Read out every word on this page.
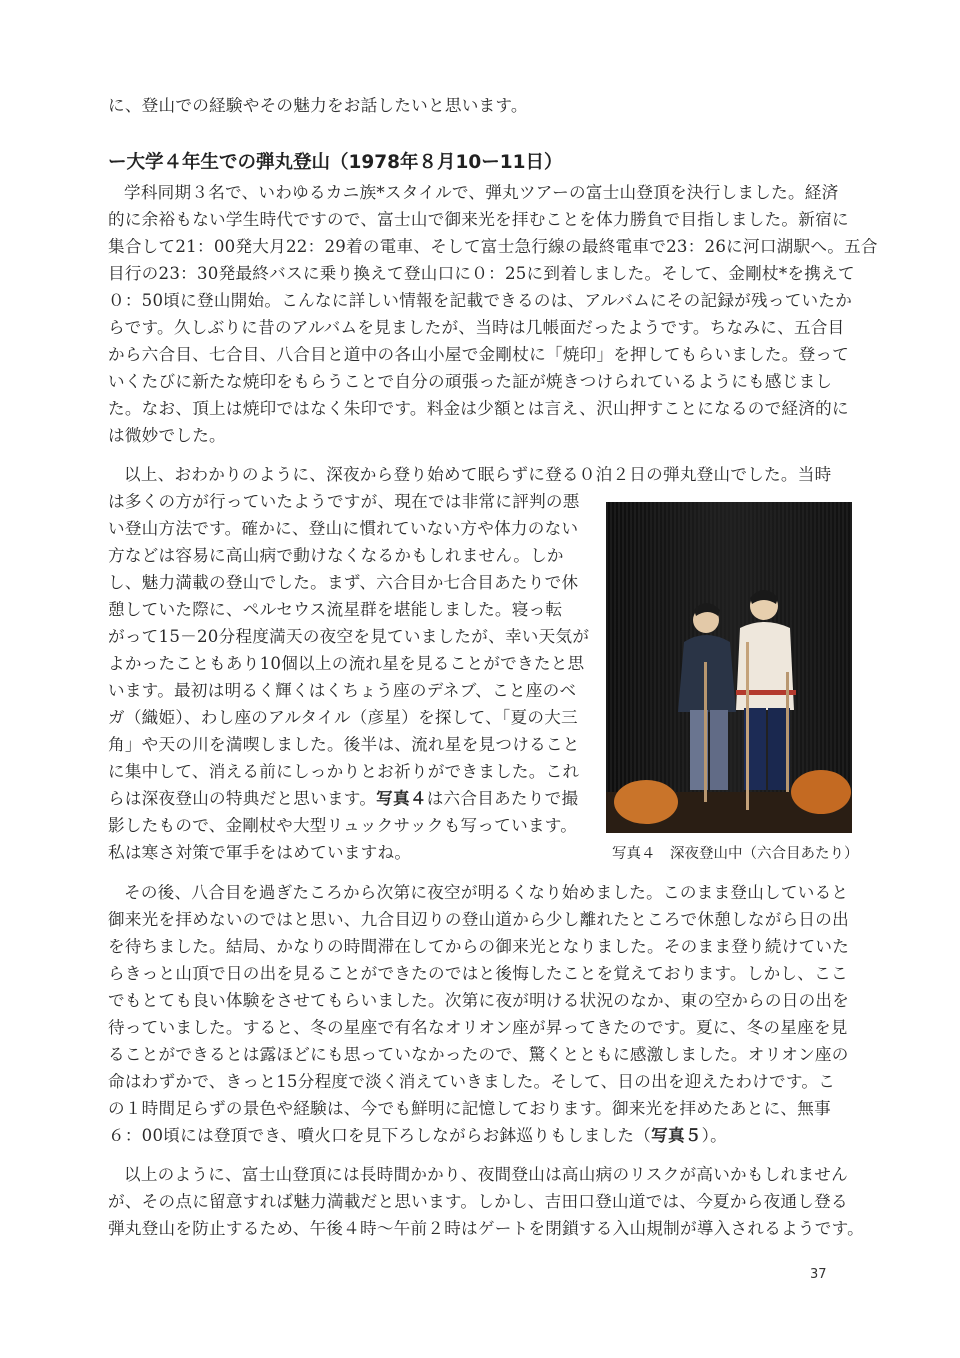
に、登山での経験やその魅力をお話したいと思います。
ー大学４年生での弾丸登山（1978年８月10ー11日）
学科同期３名で、いわゆるカニ族*スタイルで、弾丸ツアーの富士山登頂を決行しました。経済
的に余裕もない学生時代ですので、富士山で御来光を拝むことを体力勝負で目指しました。新宿に
集合して21：00発大月22：29着の電車、そして富士急行線の最終電車で23：26に河口湖駅へ。五合
目行の23：30発最終バスに乗り換えて登山口に０：25に到着しました。そして、金剛杖*を携えて
０：50頃に登山開始。こんなに詳しい情報を記載できるのは、アルバムにその記録が残っていたか
らです。久しぶりに昔のアルバムを見ましたが、当時は几帳面だったようです。ちなみに、五合目
から六合目、七合目、八合目と道中の各山小屋で金剛杖に「焼印」を押してもらいました。登って
いくたびに新たな焼印をもらうことで自分の頑張った証が焼きつけられているようにも感じまし
た。なお、頂上は焼印ではなく朱印です。料金は少額とは言え、沢山押すことになるので経済的に
は微妙でした。
以上、おわかりのように、深夜から登り始めて眠らずに登る０泊２日の弾丸登山でした。当時
は多くの方が行っていたようですが、現在では非常に評判の悪
い登山方法です。確かに、登山に慣れていない方や体力のない
方などは容易に高山病で動けなくなるかもしれません。しか
し、魅力満載の登山でした。まず、六合目か七合目あたりで休
憩していた際に、ペルセウス流星群を堪能しました。寝っ転
がって15－20分程度満天の夜空を見ていましたが、幸い天気が
よかったこともあり10個以上の流れ星を見ることができたと思
います。最初は明るく輝くはくちょう座のデネブ、こと座のベ
ガ（織姫）、わし座のアルタイル（彦星）を探して、「夏の大三
角」や天の川を満喫しました。後半は、流れ星を見つけること
に集中して、消える前にしっかりとお祈りができました。これ
らは深夜登山の特典だと思います。写真４は六合目あたりで撮
影したもので、金剛杖や大型リュックサックも写っています。
私は寒さ対策で軍手をはめていますね。	写真４　深夜登山中（六合目あたり）
その後、八合目を過ぎたころから次第に夜空が明るくなり始めました。このまま登山していると
御来光を拝めないのではと思い、九合目辺りの登山道から少し離れたところで休憩しながら日の出
を待ちました。結局、かなりの時間滞在してからの御来光となりました。そのまま登り続けていた
らきっと山頂で日の出を見ることができたのではと後悔したことを覚えております。しかし、ここ
でもとても良い体験をさせてもらいました。次第に夜が明ける状況のなか、東の空からの日の出を
待っていました。すると、冬の星座で有名なオリオン座が昇ってきたのです。夏に、冬の星座を見
ることができるとは露ほどにも思っていなかったので、驚くとともに感激しました。オリオン座の
命はわずかで、きっと15分程度で淡く消えていきました。そして、日の出を迎えたわけです。こ
の１時間足らずの景色や経験は、今でも鮮明に記憶しております。御来光を拝めたあとに、無事
６：00頃には登頂でき、噴火口を見下ろしながらお鉢巡りもしました（写真５）。
以上のように、富士山登頂には長時間かかり、夜間登山は高山病のリスクが高いかもしれません
が、その点に留意すれば魅力満載だと思います。しかし、吉田口登山道では、今夏から夜通し登る
弾丸登山を防止するため、午後４時～午前２時はゲートを閉鎖する入山規制が導入されるようです。
37
